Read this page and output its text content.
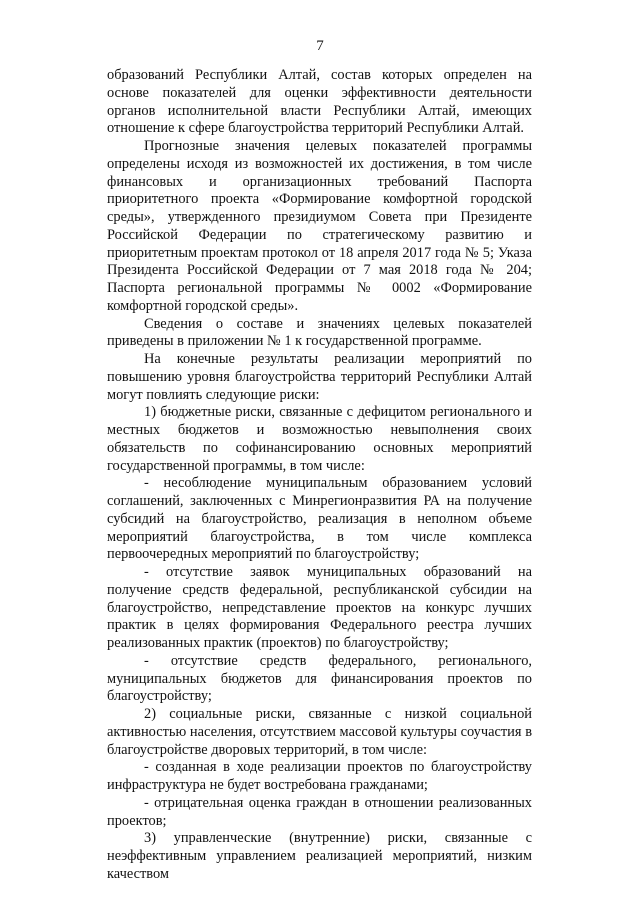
7

образований Республики Алтай, состав которых определен на основе показателей для оценки эффективности деятельности органов исполнительной власти Республики Алтай, имеющих отношение к сфере благоустройства территорий Республики Алтай.

Прогнозные значения целевых показателей программы определены исходя из возможностей их достижения, в том числе финансовых и организационных требований Паспорта приоритетного проекта «Формирование комфортной городской среды», утвержденного президиумом Совета при Президенте Российской Федерации по стратегическому развитию и приоритетным проектам протокол от 18 апреля 2017 года № 5; Указа Президента Российской Федерации от 7 мая 2018 года № 204; Паспорта региональной программы № 0002 «Формирование комфортной городской среды».

Сведения о составе и значениях целевых показателей приведены в приложении № 1 к государственной программе.

На конечные результаты реализации мероприятий по повышению уровня благоустройства территорий Республики Алтай могут повлиять следующие риски:

1) бюджетные риски, связанные с дефицитом регионального и местных бюджетов и возможностью невыполнения своих обязательств по софинансированию основных мероприятий государственной программы, в том числе:

- несоблюдение муниципальным образованием условий соглашений, заключенных с Минрегионразвития РА на получение субсидий на благоустройство, реализация в неполном объеме мероприятий благоустройства, в том числе комплекса первоочередных мероприятий по благоустройству;

- отсутствие заявок муниципальных образований на получение средств федеральной, республиканской субсидии на благоустройство, непредставление проектов на конкурс лучших практик в целях формирования Федерального реестра лучших реализованных практик (проектов) по благоустройству;

- отсутствие средств федерального, регионального, муниципальных бюджетов для финансирования проектов по благоустройству;

2) социальные риски, связанные с низкой социальной активностью населения, отсутствием массовой культуры соучастия в благоустройстве дворовых территорий, в том числе:

- созданная в ходе реализации проектов по благоустройству инфраструктура не будет востребована гражданами;

- отрицательная оценка граждан в отношении реализованных проектов;

3) управленческие (внутренние) риски, связанные с неэффективным управлением реализацией мероприятий, низким качеством
